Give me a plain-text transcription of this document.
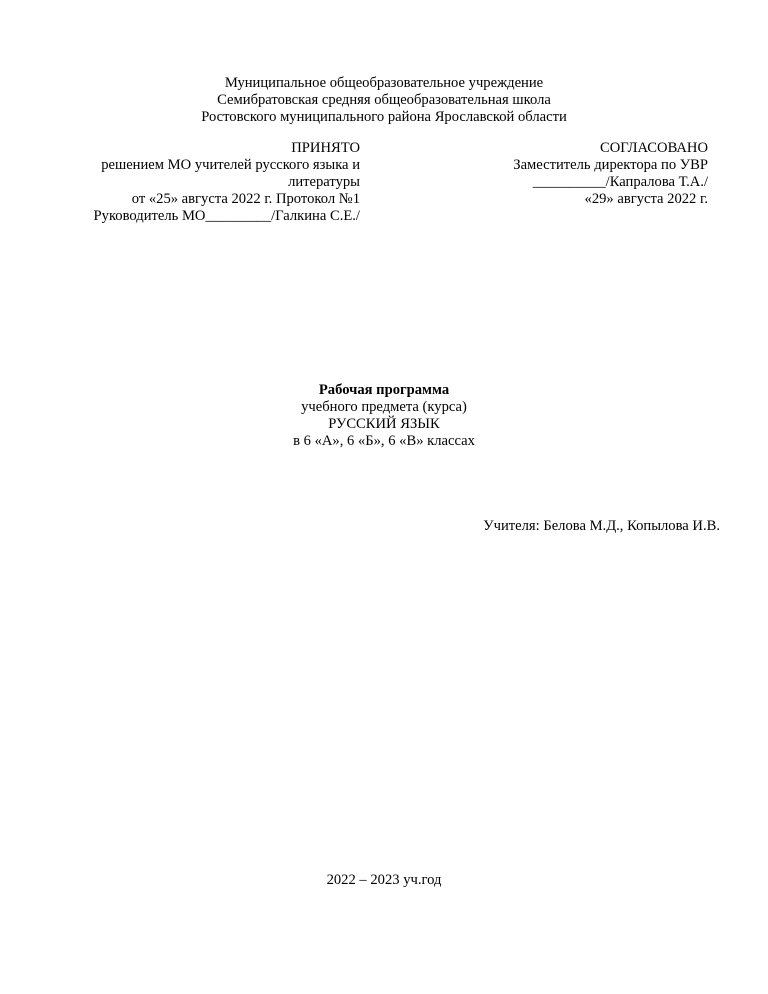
Муниципальное общеобразовательное учреждение
Семибратовская средняя общеобразовательная школа
Ростовского муниципального района Ярославской области
ПРИНЯТО
решением МО учителей русского языка и
литературы
от «25» августа 2022 г. Протокол №1
Руководитель МО_________/Галкина С.Е./
СОГЛАСОВАНО
Заместитель директора по УВР
__________/Капралова Т.А./
«29» августа 2022 г.
Рабочая программа
учебного предмета (курса)
РУССКИЙ ЯЗЫК
в 6 «А», 6 «Б», 6 «В» классах
Учителя: Белова М.Д., Копылова И.В.
2022 – 2023 уч.год
